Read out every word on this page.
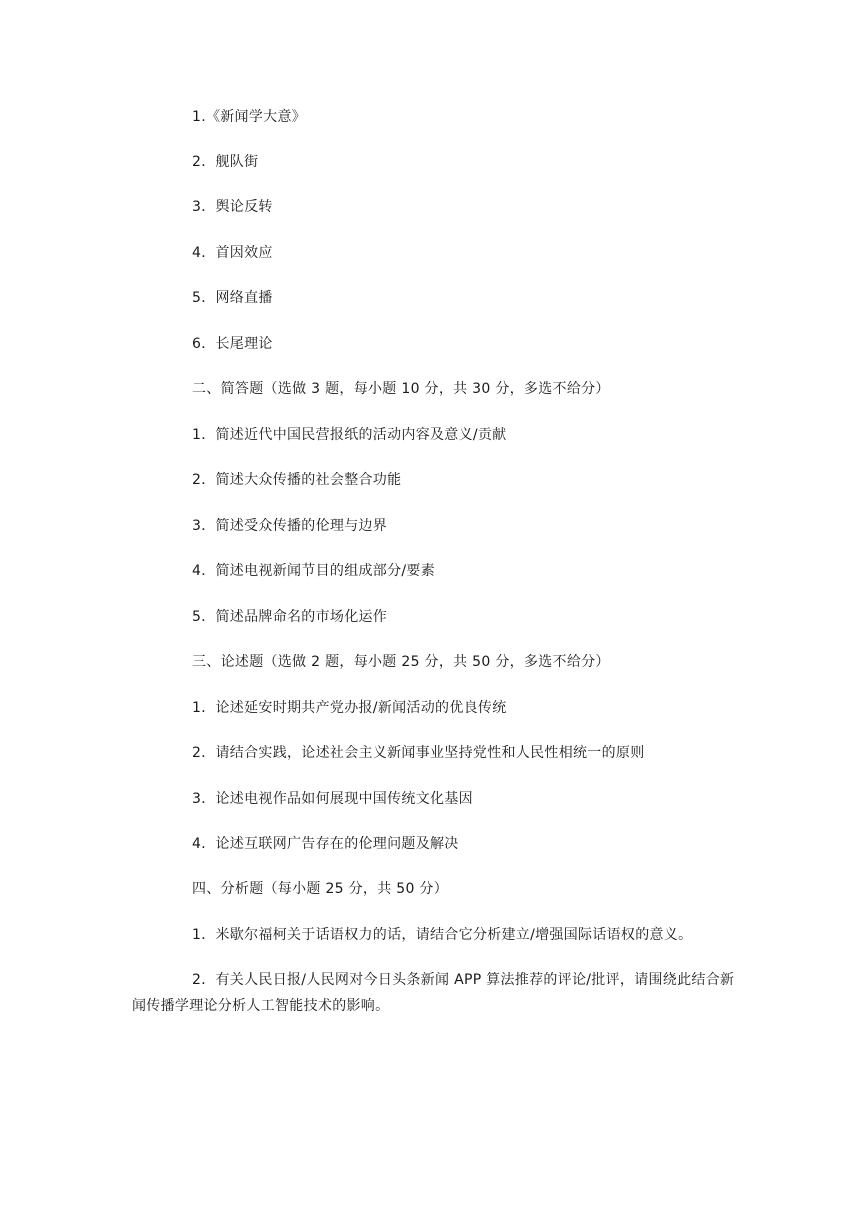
1.《新闻学大意》
2．舰队街
3．舆论反转
4．首因效应
5．网络直播
6．长尾理论
二、简答题（选做 3 题，每小题 10 分，共 30 分，多选不给分）
1．简述近代中国民营报纸的活动内容及意义/贡献
2．简述大众传播的社会整合功能
3．简述受众传播的伦理与边界
4．简述电视新闻节目的组成部分/要素
5．简述品牌命名的市场化运作
三、论述题（选做 2 题，每小题 25 分，共 50 分，多选不给分）
1．论述延安时期共产党办报/新闻活动的优良传统
2．请结合实践，论述社会主义新闻事业坚持党性和人民性相统一的原则
3．论述电视作品如何展现中国传统文化基因
4．论述互联网广告存在的伦理问题及解决
四、分析题（每小题 25 分，共 50 分）
1．米歇尔福柯关于话语权力的话，请结合它分析建立/增强国际话语权的意义。
2．有关人民日报/人民网对今日头条新闻 APP 算法推荐的评论/批评，请围绕此结合新闻传播学理论分析人工智能技术的影响。
